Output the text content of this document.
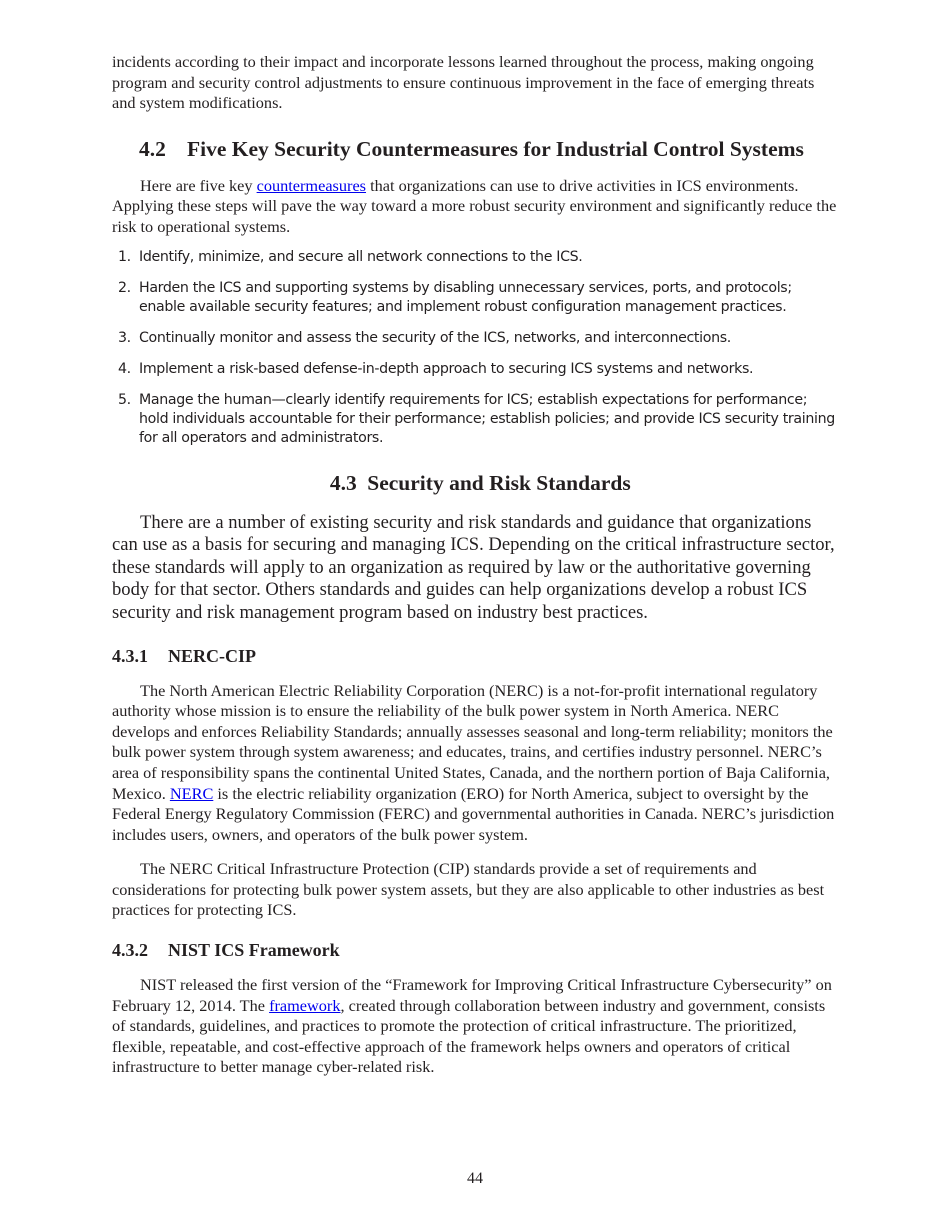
incidents according to their impact and incorporate lessons learned throughout the process, making ongoing program and security control adjustments to ensure continuous improvement in the face of emerging threats and system modifications.

4.2 Five Key Security Countermeasures for Industrial Control Systems

Here are five key countermeasures that organizations can use to drive activities in ICS environments. Applying these steps will pave the way toward a more robust security environment and significantly reduce the risk to operational systems.

1. Identify, minimize, and secure all network connections to the ICS.
2. Harden the ICS and supporting systems by disabling unnecessary services, ports, and protocols; enable available security features; and implement robust configuration management practices.
3. Continually monitor and assess the security of the ICS, networks, and interconnections.
4. Implement a risk-based defense-in-depth approach to securing ICS systems and networks.
5. Manage the human—clearly identify requirements for ICS; establish expectations for performance; hold individuals accountable for their performance; establish policies; and provide ICS security training for all operators and administrators.
4.3 Security and Risk Standards

There are a number of existing security and risk standards and guidance that organizations can use as a basis for securing and managing ICS. Depending on the critical infrastructure sector, these standards will apply to an organization as required by law or the authoritative governing body for that sector. Others standards and guides can help organizations develop a robust ICS security and risk management program based on industry best practices.

4.3.1 NERC-CIP

The North American Electric Reliability Corporation (NERC) is a not-for-profit international regulatory authority whose mission is to ensure the reliability of the bulk power system in North America. NERC develops and enforces Reliability Standards; annually assesses seasonal and long-term reliability; monitors the bulk power system through system awareness; and educates, trains, and certifies industry personnel. NERC’s area of responsibility spans the continental United States, Canada, and the northern portion of Baja California, Mexico. NERC is the electric reliability organization (ERO) for North America, subject to oversight by the Federal Energy Regulatory Commission (FERC) and governmental authorities in Canada. NERC’s jurisdiction includes users, owners, and operators of the bulk power system.

The NERC Critical Infrastructure Protection (CIP) standards provide a set of requirements and considerations for protecting bulk power system assets, but they are also applicable to other industries as best practices for protecting ICS.

4.3.2 NIST ICS Framework

NIST released the first version of the “Framework for Improving Critical Infrastructure Cybersecurity” on February 12, 2014. The framework, created through collaboration between industry and government, consists of standards, guidelines, and practices to promote the protection of critical infrastructure. The prioritized, flexible, repeatable, and cost-effective approach of the framework helps owners and operators of critical infrastructure to better manage cyber-related risk.

44
